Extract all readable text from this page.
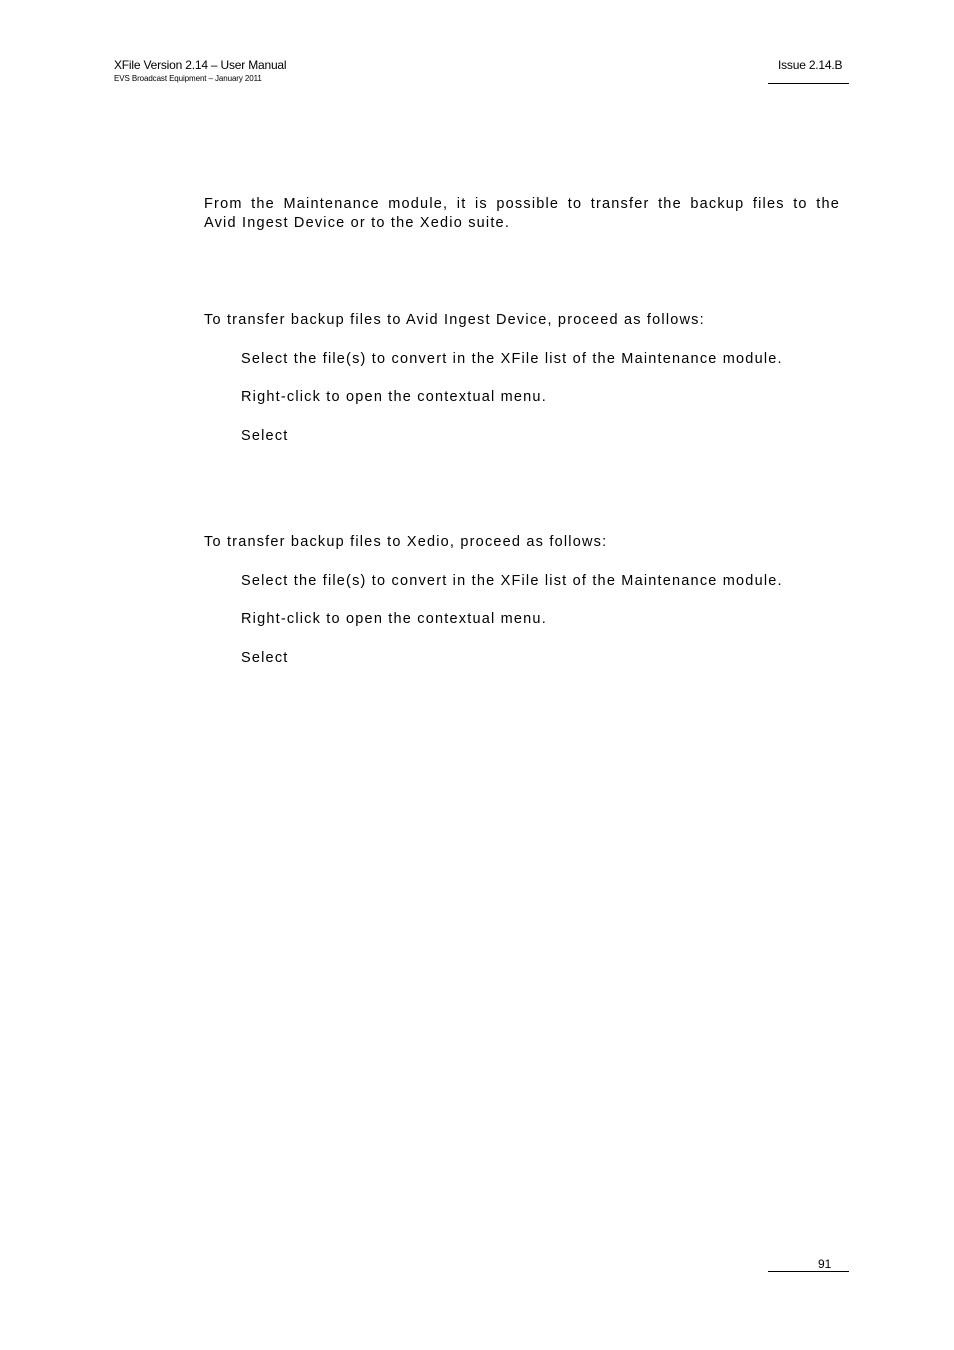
XFile Version 2.14 – User Manual
EVS Broadcast Equipment – January 2011
Issue 2.14.B
From the Maintenance module, it is possible to transfer the backup files to the
Avid Ingest Device or to the Xedio suite.
To transfer backup files to Avid Ingest Device, proceed as follows:
Select the file(s) to convert in the XFile list of the Maintenance module.
Right-click to open the contextual menu.
Select
To transfer backup files to Xedio, proceed as follows:
Select the file(s) to convert in the XFile list of the Maintenance module.
Right-click to open the contextual menu.
Select
91
